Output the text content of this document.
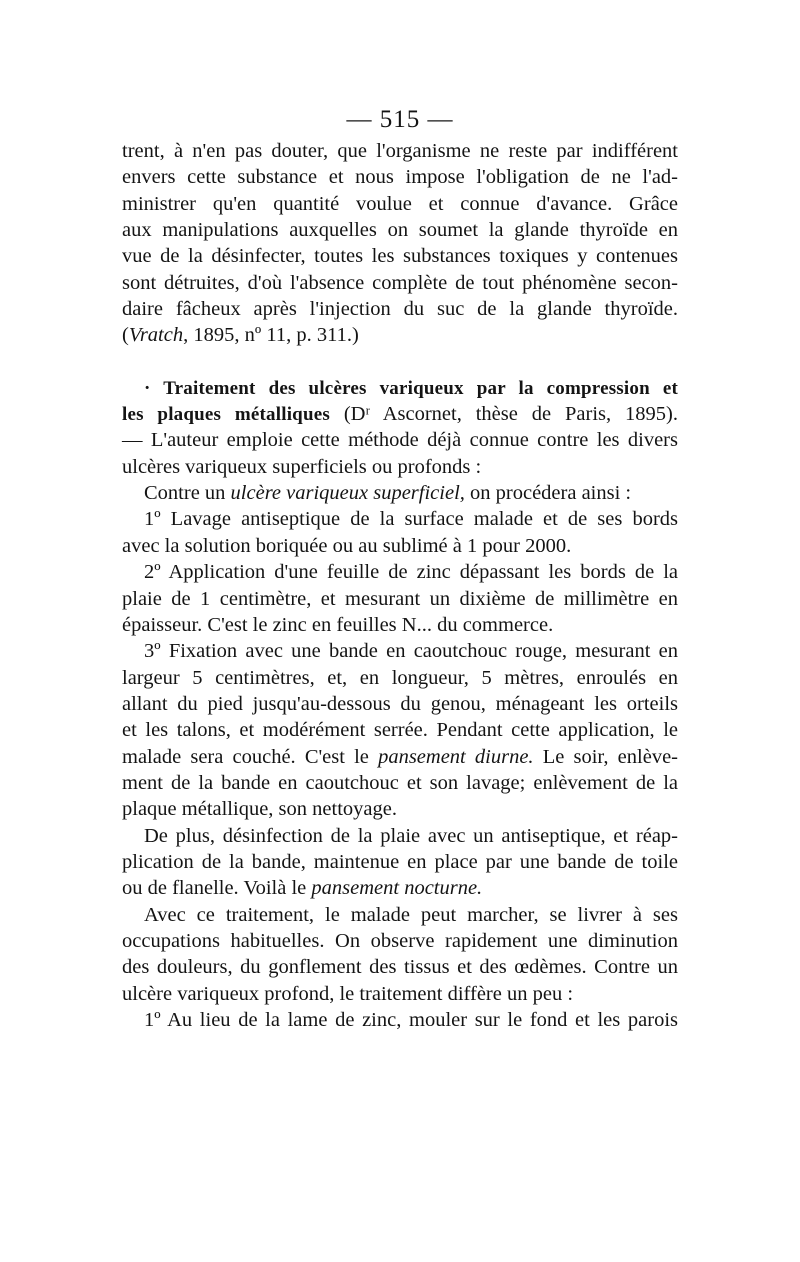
— 515 —
trent, à n'en pas douter, que l'organisme ne reste par indifférent
envers cette substance et nous impose l'obligation de ne l'ad-
ministrer qu'en quantité voulue et connue d'avance. Grâce
aux manipulations auxquelles on soumet la glande thyroïde en
vue de la désinfecter, toutes les substances toxiques y contenues
sont détruites, d'où l'absence complète de tout phénomène secon-
daire fâcheux après l'injection du suc de la glande thyroïde.
(Vratch, 1895, nº 11, p. 311.)
· Traitement des ulcères variqueux par la compression et
les plaques métalliques (Dʳ Ascornet, thèse de Paris, 1895).
— L'auteur emploie cette méthode déjà connue contre les divers
ulcères variqueux superficiels ou profonds :
Contre un ulcère variqueux superficiel, on procédera ainsi :
1º Lavage antiseptique de la surface malade et de ses bords
avec la solution boriquée ou au sublimé à 1 pour 2000.
2º Application d'une feuille de zinc dépassant les bords de la
plaie de 1 centimètre, et mesurant un dixième de millimètre en
épaisseur. C'est le zinc en feuilles N... du commerce.
3º Fixation avec une bande en caoutchouc rouge, mesurant en
largeur 5 centimètres, et, en longueur, 5 mètres, enroulés en
allant du pied jusqu'au-dessous du genou, ménageant les orteils
et les talons, et modérément serrée. Pendant cette application, le
malade sera couché. C'est le pansement diurne. Le soir, enlève-
ment de la bande en caoutchouc et son lavage; enlèvement de la
plaque métallique, son nettoyage.
De plus, désinfection de la plaie avec un antiseptique, et réap-
plication de la bande, maintenue en place par une bande de toile
ou de flanelle. Voilà le pansement nocturne.
Avec ce traitement, le malade peut marcher, se livrer à ses
occupations habituelles. On observe rapidement une diminution
des douleurs, du gonflement des tissus et des œdèmes. Contre un
ulcère variqueux profond, le traitement diffère un peu :
1º Au lieu de la lame de zinc, mouler sur le fond et les parois
